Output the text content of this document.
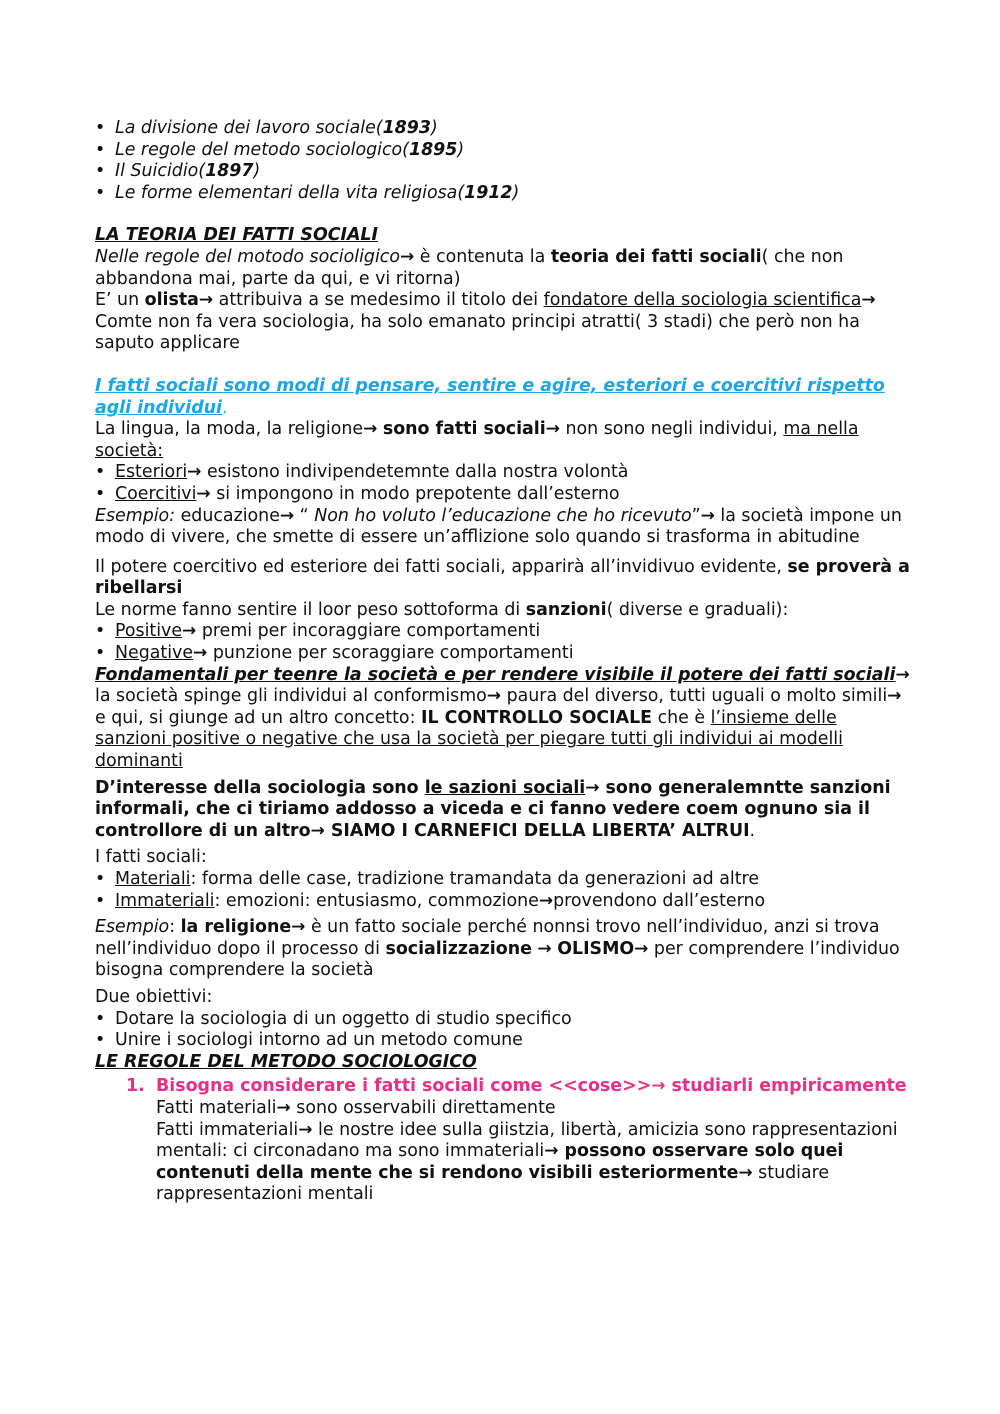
• La divisione dei lavoro sociale(1893)
• Le regole del metodo sociologico(1895)
• Il Suicidio(1897)
• Le forme elementari della vita religiosa(1912)

LA TEORIA DEI FATTI SOCIALI

Nelle regole del motodo socioligico→ è contenuta la teoria dei fatti sociali( che non abbandona mai, parte da qui, e vi ritorna)

E’ un olista→ attribuiva a se medesimo il titolo dei fondatore della sociologia scientifica→ Comte non fa vera sociologia, ha solo emanato principi atratti( 3 stadi) che però non ha saputo applicare

I fatti sociali sono modi di pensare, sentire e agire, esteriori e coercitivi rispetto agli individui.

La lingua, la moda, la religione→ sono fatti sociali→ non sono negli individui, ma nella società:

• Esteriori→ esistono indivipendetemnte dalla nostra volontà
• Coercitivi→ si impongono in modo prepotente dall’esterno

Esempio: educazione→ “ Non ho voluto l’educazione che ho ricevuto”→ la società impone un modo di vivere, che smette di essere un’afflizione solo quando si trasforma in abitudine

Il potere coercitivo ed esteriore dei fatti sociali, apparirà all’invidivuo evidente, se proverà a ribellarsi

Le norme fanno sentire il loor peso sottoforma di sanzioni( diverse e graduali):

• Positive→ premi per incoraggiare comportamenti
• Negative→ punzione per scoraggiare comportamenti

Fondamentali per teenre la società e per rendere visibile il potere dei fatti sociali→ la società spinge gli individui al conformismo→ paura del diverso, tutti uguali o molto simili→ e qui, si giunge ad un altro concetto: IL CONTROLLO SOCIALE che è l’insieme delle sanzioni positive o negative che usa la società per piegare tutti gli individui ai modelli dominanti

D’interesse della sociologia sono le sazioni sociali→ sono generalemntte sanzioni informali, che ci tiriamo addosso a viceda e ci fanno vedere coem ognuno sia il controllore di un altro→ SIAMO I CARNEFICI DELLA LIBERTA’ ALTRUI.

I fatti sociali:

• Materiali: forma delle case, tradizione tramandata da generazioni ad altre
• Immateriali: emozioni: entusiasmo, commozione→provendono dall’esterno

Esempio: la religione→ è un fatto sociale perché nonnsi trovo nell’individuo, anzi si trova nell’individuo dopo il processo di socializzazione → OLISMO→ per comprendere l’individuo bisogna comprendere la società

Due obiettivi:

• Dotare la sociologia di un oggetto di studio specifico
• Unire i sociologi intorno ad un metodo comune

LE REGOLE DEL METODO SOCIOLOGICO

1. Bisogna considerare i fatti sociali come <<cose>>→ studiarli empiricamente
Fatti materiali→ sono osservabili direttamente
Fatti immateriali→ le nostre idee sulla giistzia, libertà, amicizia sono rappresentazioni mentali: ci circonadano ma sono immateriali→ possono osservare solo quei contenuti della mente che si rendono visibili esteriormente→ studiare rappresentazioni mentali
